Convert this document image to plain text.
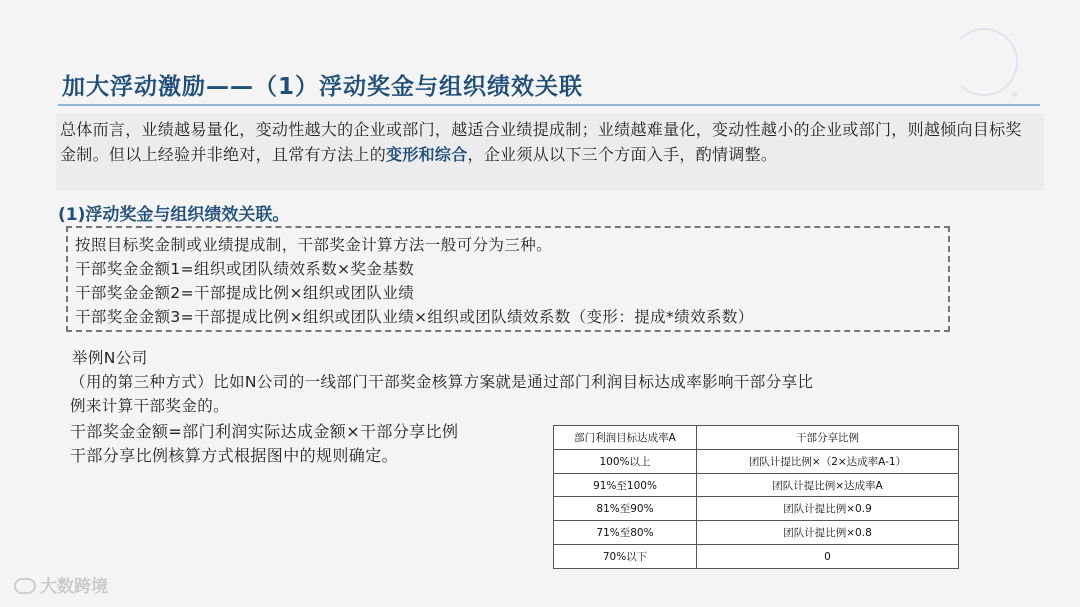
加大浮动激励——（1）浮动奖金与组织绩效关联
总体而言，业绩越易量化，变动性越大的企业或部门，越适合业绩提成制；业绩越难量化，变动性越小的企业或部门，则越倾向目标奖金制。但以上经验并非绝对，且常有方法上的变形和综合，企业须从以下三个方面入手，酌情调整。
(1)浮动奖金与组织绩效关联。
按照目标奖金制或业绩提成制，干部奖金计算方法一般可分为三种。
干部奖金金额1=组织或团队绩效系数×奖金基数
干部奖金金额2=干部提成比例×组织或团队业绩
干部奖金金额3=干部提成比例×组织或团队业绩×组织或团队绩效系数（变形：提成*绩效系数）
举例N公司
（用的第三种方式）比如N公司的一线部门干部奖金核算方案就是通过部门利润目标达成率影响干部分享比
例来计算干部奖金的。
干部奖金金额=部门利润实际达成金额×干部分享比例
干部分享比例核算方式根据图中的规则确定。
部门利润目标达成率A	干部分享比例
100%以上	团队计提比例×（2×达成率A-1）
91%至100%	团队计提比例×达成率A
81%至90%	团队计提比例×0.9
71%至80%	团队计提比例×0.8
70%以下	0
大数跨境
